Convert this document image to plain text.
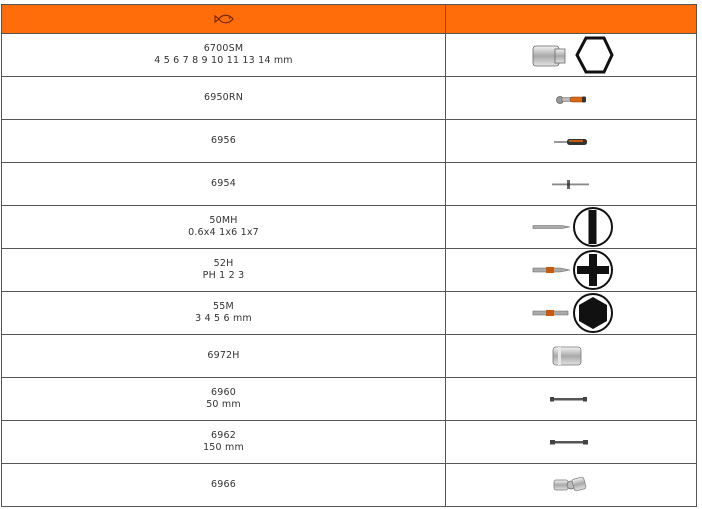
6700SM
4 5 6 7 8 9 10 11 13 14 mm

6950RN

6956

6954

50MH
0.6x4 1x6 1x7

52H
PH 1 2 3

55M
3 4 5 6 mm

6972H

6960
50 mm

6962
150 mm

6966
